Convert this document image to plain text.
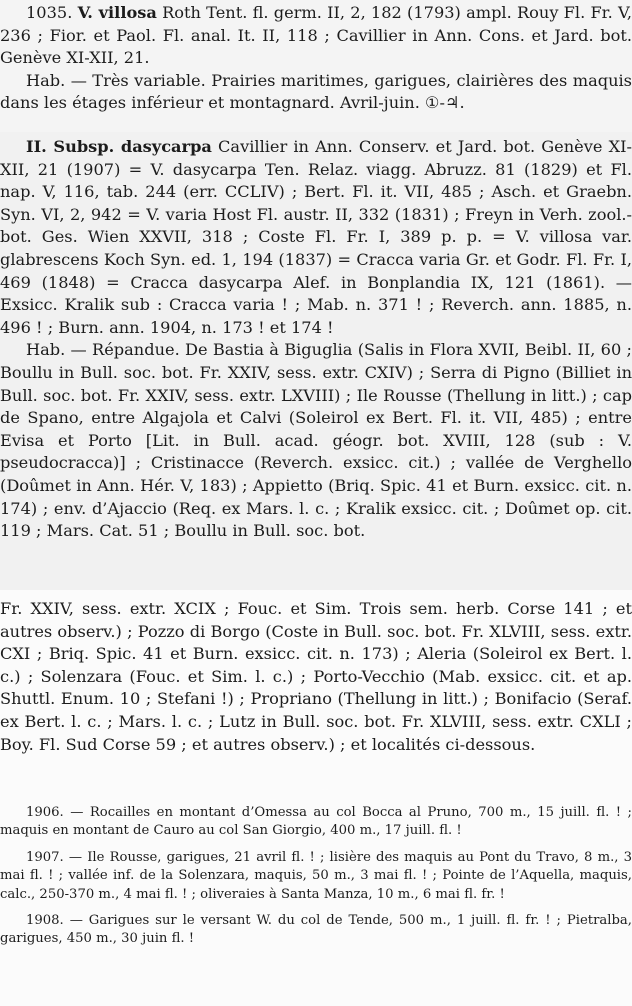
1035. V. villosa Roth Tent. fl. germ. II, 2, 182 (1793) ampl. Rouy Fl. Fr. V, 236 ; Fior. et Paol. Fl. anal. It. II, 118 ; Cavillier in Ann. Cons. et Jard. bot. Genève XI-XII, 21.

Hab. — Très variable. Prairies maritimes, garigues, clairières des maquis dans les étages inférieur et montagnard. Avril-juin. ①-♃.

II. Subsp. dasycarpa Cavillier in Ann. Conserv. et Jard. bot. Genève XI-XII, 21 (1907) = V. dasycarpa Ten. Relaz. viagg. Abruzz. 81 (1829) et Fl. nap. V, 116, tab. 244 (err. CCLIV) ; Bert. Fl. it. VII, 485 ; Asch. et Graebn. Syn. VI, 2, 942 = V. varia Host Fl. austr. II, 332 (1831) ; Freyn in Verh. zool.-bot. Ges. Wien XXVII, 318 ; Coste Fl. Fr. I, 389 p. p. = V. villosa var. glabrescens Koch Syn. ed. 1, 194 (1837) = Cracca varia Gr. et Godr. Fl. Fr. I, 469 (1848) = Cracca dasycarpa Alef. in Bonplandia IX, 121 (1861). — Exsicc. Kralik sub : Cracca varia ! ; Mab. n. 371 ! ; Reverch. ann. 1885, n. 496 ! ; Burn. ann. 1904, n. 173 ! et 174 !

Hab. — Répandue. De Bastia à Biguglia (Salis in Flora XVII, Beibl. II, 60 ; Boullu in Bull. soc. bot. Fr. XXIV, sess. extr. CXIV) ; Serra di Pigno (Billiet in Bull. soc. bot. Fr. XXIV, sess. extr. LXVIII) ; Ile Rousse (Thellung in litt.) ; cap de Spano, entre Algajola et Calvi (Soleirol ex Bert. Fl. it. VII, 485) ; entre Evisa et Porto [Lit. in Bull. acad. géogr. bot. XVIII, 128 (sub : V. pseudocracca)] ; Cristinacce (Reverch. exsicc. cit.) ; vallée de Verghello (Doûmet in Ann. Hér. V, 183) ; Appietto (Briq. Spic. 41 et Burn. exsicc. cit. n. 174) ; env. d’Ajaccio (Req. ex Mars. l. c. ; Kralik exsicc. cit. ; Doûmet op. cit. 119 ; Mars. Cat. 51 ; Boullu in Bull. soc. bot.

Fr. XXIV, sess. extr. XCIX ; Fouc. et Sim. Trois sem. herb. Corse 141 ; et autres observ.) ; Pozzo di Borgo (Coste in Bull. soc. bot. Fr. XLVIII, sess. extr. CXI ; Briq. Spic. 41 et Burn. exsicc. cit. n. 173) ; Aleria (Soleirol ex Bert. l. c.) ; Solenzara (Fouc. et Sim. l. c.) ; Porto-Vecchio (Mab. exsicc. cit. et ap. Shuttl. Enum. 10 ; Stefani !) ; Propriano (Thellung in litt.) ; Bonifacio (Seraf. ex Bert. l. c. ; Mars. l. c. ; Lutz in Bull. soc. bot. Fr. XLVIII, sess. extr. CXLI ; Boy. Fl. Sud Corse 59 ; et autres observ.) ; et localités ci-dessous.

1906. — Rocailles en montant d’Omessa au col Bocca al Pruno, 700 m., 15 juill. fl. ! ; maquis en montant de Cauro au col San Giorgio, 400 m., 17 juill. fl. !

1907. — Ile Rousse, garigues, 21 avril fl. ! ; lisière des maquis au Pont du Travo, 8 m., 3 mai fl. ! ; vallée inf. de la Solenzara, maquis, 50 m., 3 mai fl. ! ; Pointe de l’Aquella, maquis, calc., 250-370 m., 4 mai fl. ! ; oliveraies à Santa Manza, 10 m., 6 mai fl. fr. !

1908. — Garigues sur le versant W. du col de Tende, 500 m., 1 juill. fl. fr. ! ; Pietralba, garigues, 450 m., 30 juin fl. !
